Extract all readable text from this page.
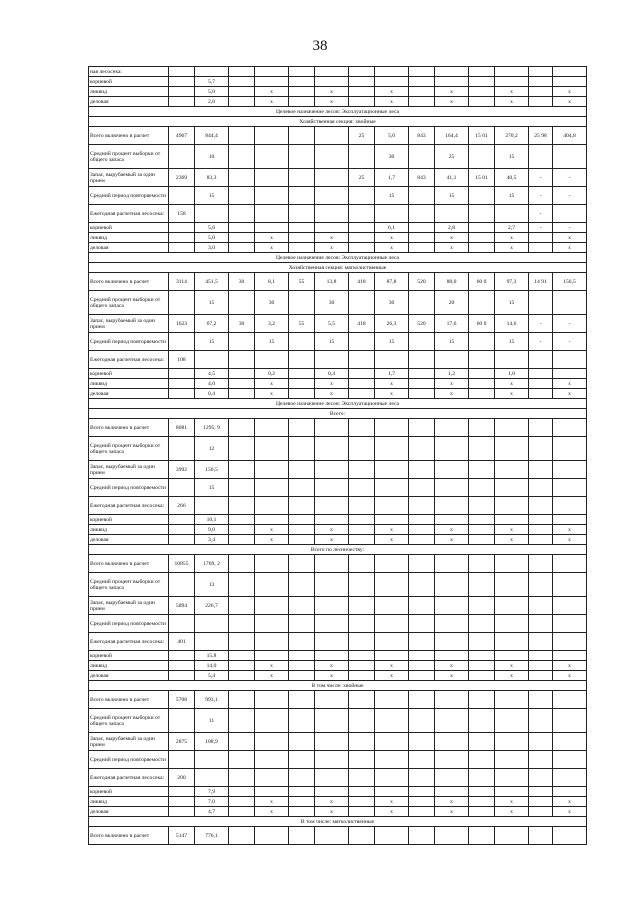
38
ная лесосека:														
корневой		5,7												
ликвид		5,0		x		x		x		x		x		x
деловая		2,0		x		x		x		x		x		x
Целевое назначение лесов: Эксплуатационные леса														
Хозяйственная секция: хвойные														
Всего включено в расчет	4967	844,4					25	5,0	843	164,4	15 01	270,2	25 98	404,8
Средний процент выборки от общего запаса		10						30		25		15		
Запас, вырубаемый за один прием	2369	83,3					25	1,7	843	41,1	15 01	40,5	-	-
Средний период повторяемости		15						15		15		15	-	-
Ежегодная расчетная лесосека:	158												-	
корневой		5,6						6,1		2,8		2,7	-	-
ликвид		5,0		x		x		x		x		x		x
деловая		3,0		x		x		x		x		x		x
Целевое назначение лесов: Эксплуатационные леса														
Хозяйственная секция: мягколиственные														
Всего включено в расчет	3114	451,5	30	8,1	55	13,8	418	87,8	520	88,0	60 0	97,3	14 91	156,5
Средний процент выборки от общего запаса		15		30		30		30		20		15		
Запас, вырубаемый за один прием	1623	67,2	30	3,2	55	5,5	418	26,3	520	17,6	60 0	14,6	-	-
Средний период повторяемости		15		15		15		15		15		15	-	-
Ежегодная расчетная лесосека:	108													
корневой		4,5		0,2		0,4		1,7		1,2		1,0		
ликвид		4,0		x		x		x		x		x		x
деловая		0,4		x		x		x		x		x		x
Целевое назначение лесов: Эксплуатационные леса														
Всего:														
Всего включено в расчет	8081	1295, 9												
Средний процент выборки от общего запаса		12												
Запас, вырубаемый за один прием	3992	150,5												
Средний период повторяемости		15												
Ежегодная расчетная лесосека:	266													
корневой		10,1												
ликвид		9,0		x		x		x		x		x		x
деловая		3,4		x		x		x		x		x		x
Всего по лесничеству:														
Всего включено в расчет	10855	1769, 2												
Средний процент выборки от общего запаса		13												
Запас, вырубаемый за один прием	5894	226,7												
Средний период повторяемости														
Ежегодная расчетная лесосека:	401													
корневой		15,8												
ликвид		14,0		x		x		x		x		x		x
деловая		5,4		x		x		x		x		x		x
В том числе: хвойные														
Всего включено в расчет	5708	993,1												
Средний процент выборки от общего запаса		11												
Запас, вырубаемый за один прием	2875	108,9												
Средний период повторяемости														
Ежегодная расчетная лесосека:	200													
корневой		7,9												
ликвид		7,0		x		x		x		x		x		x
деловая		4,7		x		x		x		x		x		x
В том числе: мягколиственные														
Всего включено в расчет	5147	776,1												
